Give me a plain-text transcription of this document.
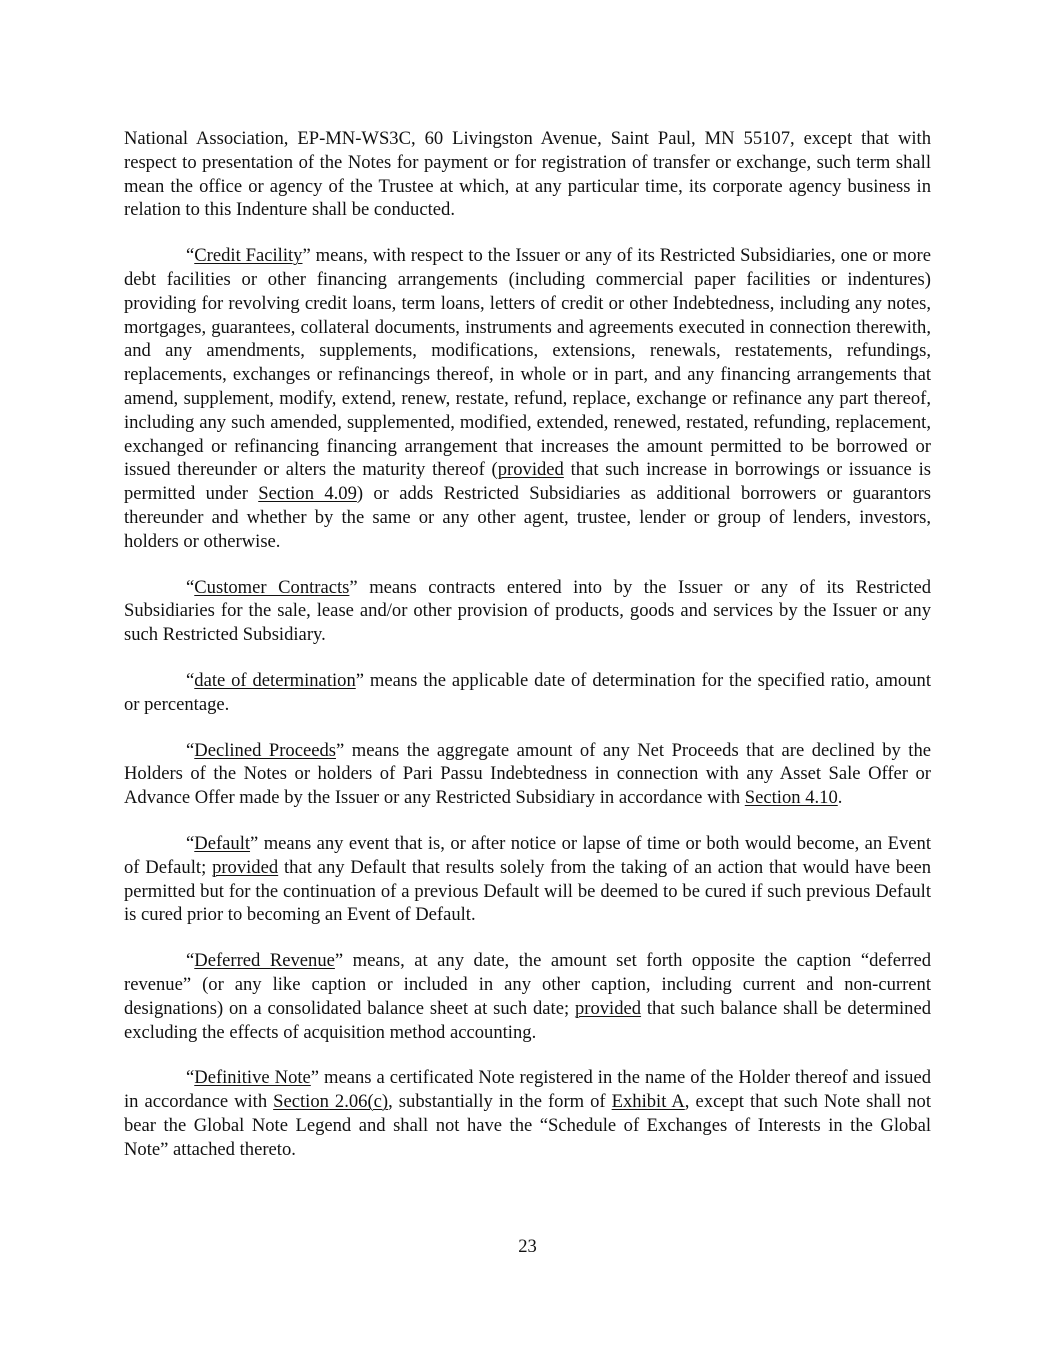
National Association, EP-MN-WS3C, 60 Livingston Avenue, Saint Paul, MN 55107, except that with respect to presentation of the Notes for payment or for registration of transfer or exchange, such term shall mean the office or agency of the Trustee at which, at any particular time, its corporate agency business in relation to this Indenture shall be conducted.

“Credit Facility” means, with respect to the Issuer or any of its Restricted Subsidiaries, one or more debt facilities or other financing arrangements (including commercial paper facilities or indentures) providing for revolving credit loans, term loans, letters of credit or other Indebtedness, including any notes, mortgages, guarantees, collateral documents, instruments and agreements executed in connection therewith, and any amendments, supplements, modifications, extensions, renewals, restatements, refundings, replacements, exchanges or refinancings thereof, in whole or in part, and any financing arrangements that amend, supplement, modify, extend, renew, restate, refund, replace, exchange or refinance any part thereof, including any such amended, supplemented, modified, extended, renewed, restated, refunding, replacement, exchanged or refinancing financing arrangement that increases the amount permitted to be borrowed or issued thereunder or alters the maturity thereof (provided that such increase in borrowings or issuance is permitted under Section 4.09) or adds Restricted Subsidiaries as additional borrowers or guarantors thereunder and whether by the same or any other agent, trustee, lender or group of lenders, investors, holders or otherwise.

“Customer Contracts” means contracts entered into by the Issuer or any of its Restricted Subsidiaries for the sale, lease and/or other provision of products, goods and services by the Issuer or any such Restricted Subsidiary.

“date of determination” means the applicable date of determination for the specified ratio, amount or percentage.

“Declined Proceeds” means the aggregate amount of any Net Proceeds that are declined by the Holders of the Notes or holders of Pari Passu Indebtedness in connection with any Asset Sale Offer or Advance Offer made by the Issuer or any Restricted Subsidiary in accordance with Section 4.10.

“Default” means any event that is, or after notice or lapse of time or both would become, an Event of Default; provided that any Default that results solely from the taking of an action that would have been permitted but for the continuation of a previous Default will be deemed to be cured if such previous Default is cured prior to becoming an Event of Default.

“Deferred Revenue” means, at any date, the amount set forth opposite the caption “deferred revenue” (or any like caption or included in any other caption, including current and non-current designations) on a consolidated balance sheet at such date; provided that such balance shall be determined excluding the effects of acquisition method accounting.

“Definitive Note” means a certificated Note registered in the name of the Holder thereof and issued in accordance with Section 2.06(c), substantially in the form of Exhibit A, except that such Note shall not bear the Global Note Legend and shall not have the “Schedule of Exchanges of Interests in the Global Note” attached thereto.

23
